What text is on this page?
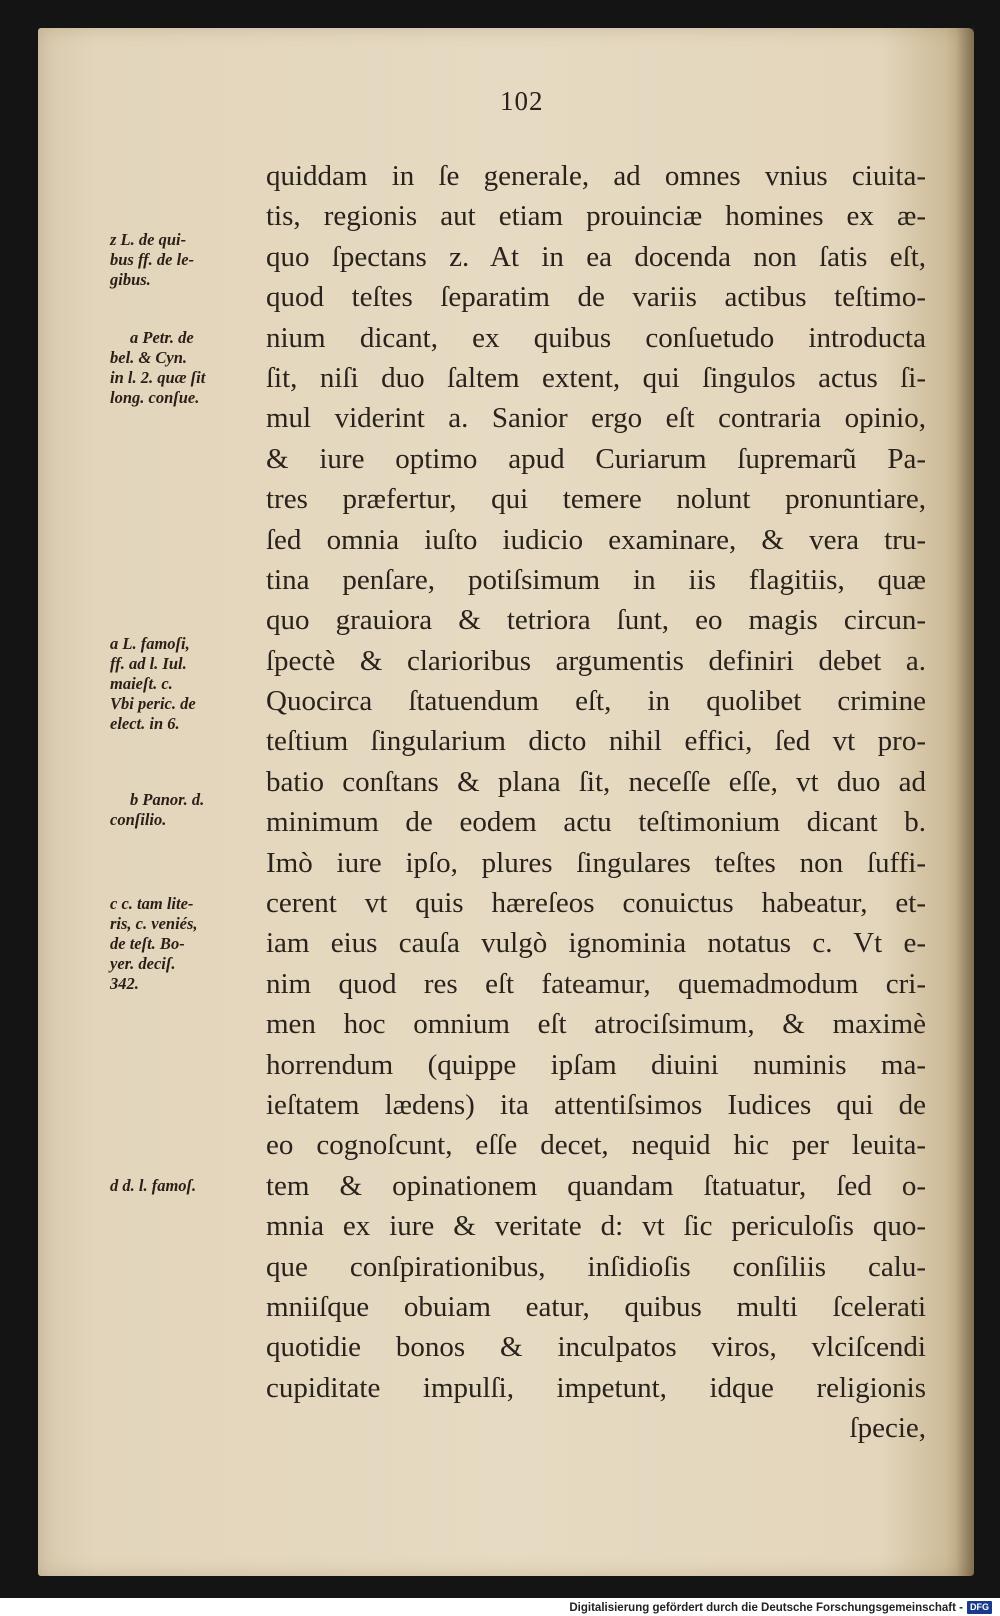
102
quiddam in ſe generale, ad omnes vnius ciuita-
tis, regionis aut etiam prouinciæ homines ex æ-
quo ſpectans z. At in ea docenda non ſatis eſt,
quod teſtes ſeparatim de variis actibus teſtimo-
nium dicant, ex quibus conſuetudo introducta
ſit, niſi duo ſaltem extent, qui ſingulos actus ſi-
mul viderint a. Sanior ergo eſt contraria opinio,
& iure optimo apud Curiarum ſupremarũ Pa-
tres præfertur, qui temere nolunt pronuntiare,
ſed omnia iuſto iudicio examinare, & vera tru-
tina penſare, potiſsimum in iis flagitiis, quæ
quo grauiora & tetriora ſunt, eo magis circun-
ſpectè & clarioribus argumentis definiri debet a.
Quocirca ſtatuendum eſt, in quolibet crimine
teſtium ſingularium dicto nihil effici, ſed vt pro-
batio conſtans & plana ſit, neceſſe eſſe, vt duo ad
minimum de eodem actu teſtimonium dicant b.
Imò iure ipſo, plures ſingulares teſtes non ſuffi-
cerent vt quis hæreſeos conuictus habeatur, et-
iam eius cauſa vulgò ignominia notatus c. Vt e-
nim quod res eſt fateamur, quemadmodum cri-
men hoc omnium eſt atrociſsimum, & maximè
horrendum (quippe ipſam diuini numinis ma-
ieſtatem lædens) ita attentiſsimos Iudices qui de
eo cognoſcunt, eſſe decet, nequid hic per leuita-
tem & opinationem quandam ſtatuatur, ſed o-
mnia ex iure & veritate d: vt ſic periculoſis quo-
que conſpirationibus, inſidioſis conſiliis calu-
mniiſque obuiam eatur, quibus multi ſcelerati
quotidie bonos & inculpatos viros, vlciſcendi
cupiditate impulſi, impetunt, idque religionis
ſpecie,
z L. de qui-
bus ff. de le-
gibus.
a Petr. de
bel. & Cyn.
in l. 2. quæ ſit
long. conſue.
a L. famoſi,
ff. ad l. Iul.
maieſt. c.
Vbi peric. de
elect. in 6.
b Panor. d.
conſilio.
c c. tam lite-
ris, c. veniés,
de teſt. Bo-
yer. deciſ.
342.
d d. l. famoſ.
Digitalisierung gefördert durch die Deutsche Forschungsgemeinschaft - DFG
